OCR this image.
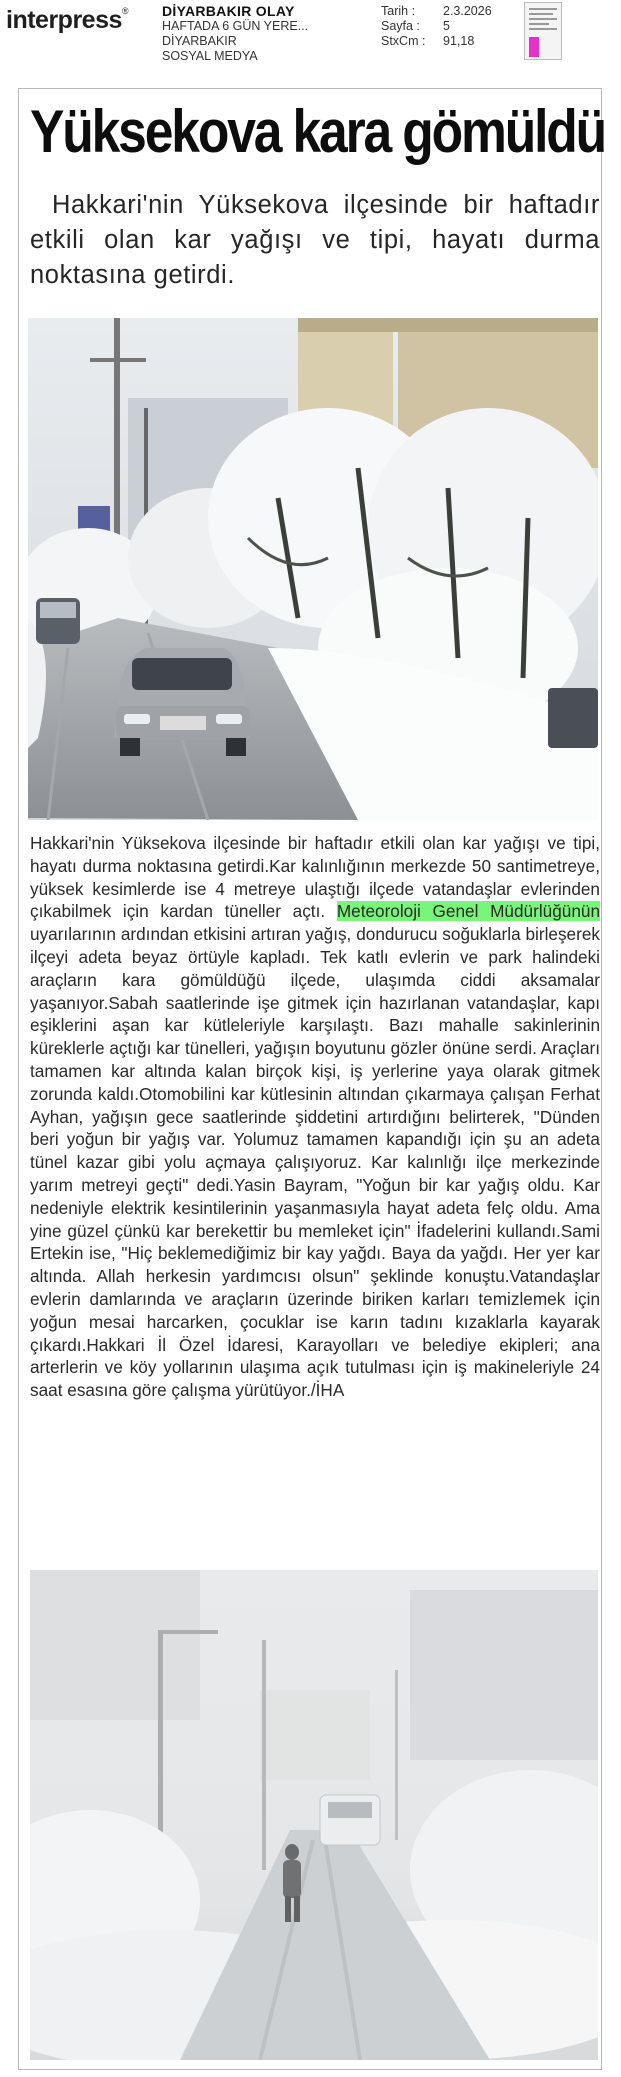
interpress® DİYARBAKIR OLAY
HAFTADA 6 GÜN YERE...
DİYARBAKIR
SOSYAL MEDYA
Tarih :	2.3.2026
Sayfa :	5
StxCm :	91,18
Yüksekova kara gömüldü

Hakkari'nin Yüksekova ilçesinde bir haftadır etkili olan kar yağışı ve tipi, hayatı durma noktasına getirdi.

Hakkari'nin Yüksekova ilçesinde bir haftadır etkili olan kar yağışı ve tipi, hayatı durma noktasına getirdi.Kar kalınlığının merkezde 50 santimetreye, yüksek kesimlerde ise 4 metreye ulaştığı ilçede vatandaşlar evlerinden çıkabilmek için kardan tüneller açtı. Meteoroloji Genel Müdürlüğünün uyarılarının ardından etkisini artıran yağış, dondurucu soğuklarla birleşerek ilçeyi adeta beyaz örtüyle kapladı. Tek katlı evlerin ve park halindeki araçların kara gömüldüğü ilçede, ulaşımda ciddi aksamalar yaşanıyor.Sabah saatlerinde işe gitmek için hazırlanan vatandaşlar, kapı eşiklerini aşan kar kütleleriyle karşılaştı. Bazı mahalle sakinlerinin küreklerle açtığı kar tünelleri, yağışın boyutunu gözler önüne serdi. Araçları tamamen kar altında kalan birçok kişi, iş yerlerine yaya olarak gitmek zorunda kaldı.Otomobilini kar kütlesinin altından çıkarmaya çalışan Ferhat Ayhan, yağışın gece saatlerinde şiddetini artırdığını belirterek, "Dünden beri yoğun bir yağış var. Yolumuz tamamen kapandığı için şu an adeta tünel kazar gibi yolu açmaya çalışıyoruz. Kar kalınlığı ilçe merkezinde yarım metreyi geçti" dedi.Yasin Bayram, "Yoğun bir kar yağış oldu. Kar nedeniyle elektrik kesintilerinin yaşanmasıyla hayat adeta felç oldu. Ama yine güzel çünkü kar berekettir bu memleket için" İfadelerini kullandı.Sami Ertekin ise, "Hiç beklemediğimiz bir kay yağdı. Baya da yağdı. Her yer kar altında. Allah herkesin yardımcısı olsun" şeklinde konuştu.Vatandaşlar evlerin damlarında ve araçların üzerinde biriken karları temizlemek için yoğun mesai harcarken, çocuklar ise karın tadını kızaklarla kayarak çıkardı.Hakkari İl Özel İdaresi, Karayolları ve belediye ekipleri; ana arterlerin ve köy yollarının ulaşıma açık tutulması için iş makineleriyle 24 saat esasına göre çalışma yürütüyor./İHA
